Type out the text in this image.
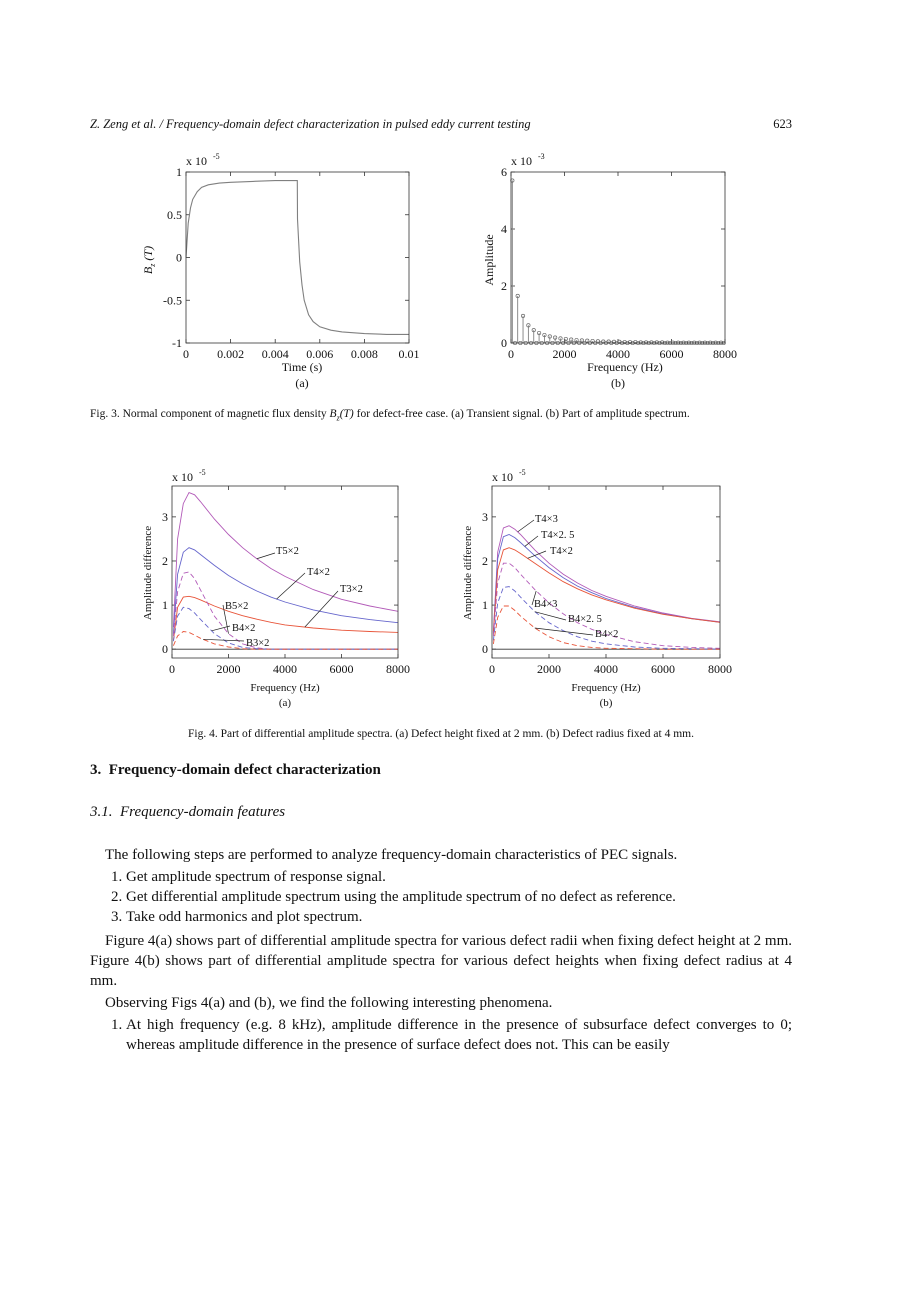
Z. Zeng et al. / Frequency-domain defect characterization in pulsed eddy current testing	623
x 10 -5
1
0.5
0
-0.5
-1
0 0.002 0.004 0.006 0.008 0.01
$B_z$ (T)
Time (s)
(a)
x 10 -3
6
4
2
0
0	2000 4000 6000 8000
Amplitude
Frequency (Hz)
(b)
Fig. 3. Normal component of magnetic flux density $B_z(T)$ for defect-free case. (a) Transient signal. (b) Part of amplitude spectrum.
x 10 -5
3
2
1
0
0	2000	4000	6000	8000
T5×2
T4×2
T3×2
B5×2
B4×2
B3×2
Amplitude difference
Frequency (Hz)
(a)
x 10 -5
3
2
1
0
0	2000	4000	6000	8000
T4×3
T4×2. 5
T4×2
B4×3
B4×2. 5
B4×2
Amplitude difference
Frequency (Hz)
(b)
Fig. 4. Part of differential amplitude spectra. (a) Defect height fixed at 2 mm. (b) Defect radius fixed at 4 mm.
3. Frequency-domain defect characterization
3.1. Frequency-domain features

The following steps are performed to analyze frequency-domain characteristics of PEC signals.

1. Get amplitude spectrum of response signal.
2. Get differential amplitude spectrum using the amplitude spectrum of no defect as reference.
3. Take odd harmonics and plot spectrum.

Figure 4(a) shows part of differential amplitude spectra for various defect radii when fixing defect height at 2 mm. Figure 4(b) shows part of differential amplitude spectra for various defect heights when fixing defect radius at 4 mm.

Observing Figs 4(a) and (b), we find the following interesting phenomena.

1. At high frequency (e.g. 8 kHz), amplitude difference in the presence of subsurface defect converges to 0; whereas amplitude difference in the presence of surface defect does not. This can be easily
